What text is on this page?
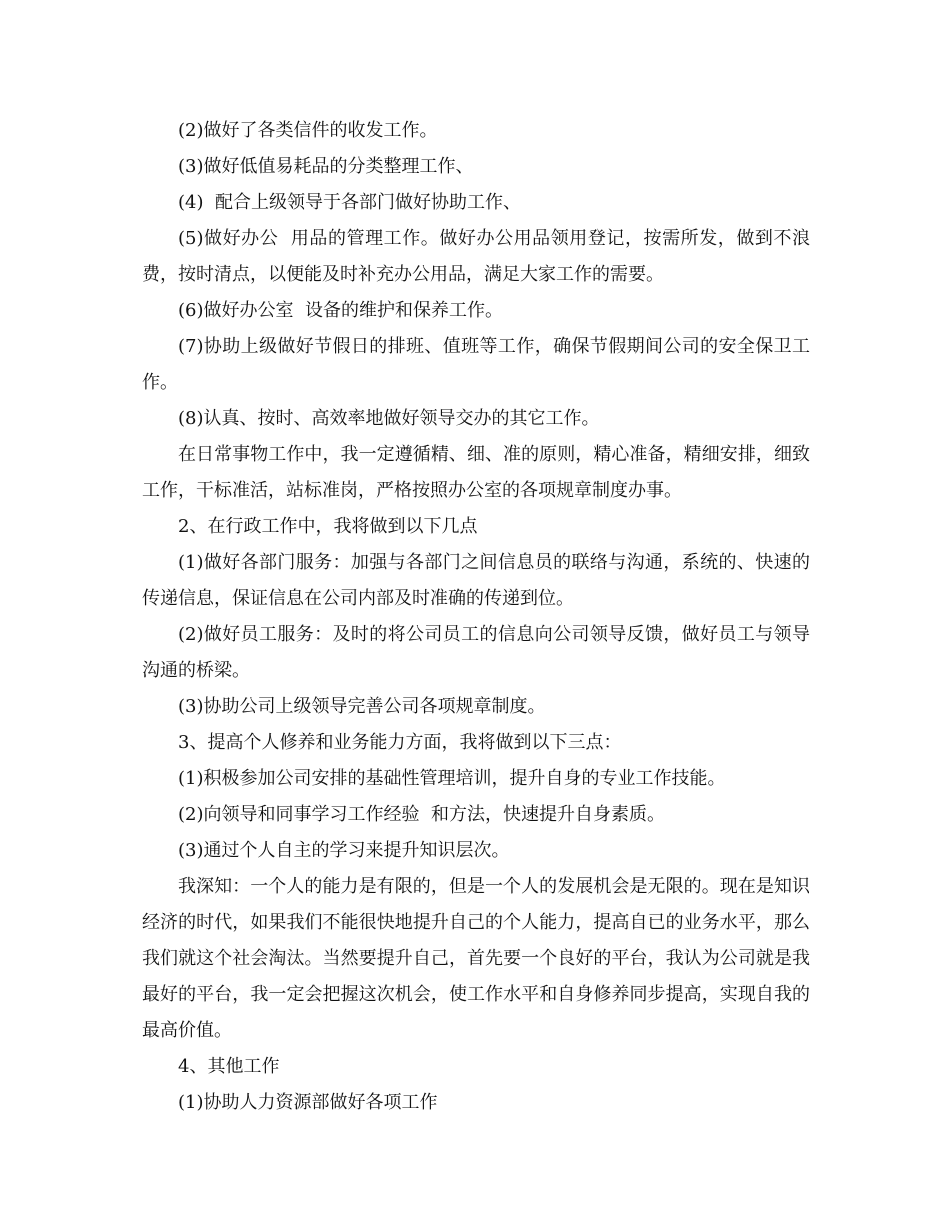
(2)做好了各类信件的收发工作。

(3)做好低值易耗品的分类整理工作、

(4)  配合上级领导于各部门做好协助工作、

(5)做好办公  用品的管理工作。做好办公用品领用登记，按需所发，做到不浪费，按时清点，以便能及时补充办公用品，满足大家工作的需要。

(6)做好办公室  设备的维护和保养工作。

(7)协助上级做好节假日的排班、值班等工作，确保节假期间公司的安全保卫工作。

(8)认真、按时、高效率地做好领导交办的其它工作。

在日常事物工作中，我一定遵循精、细、准的原则，精心准备，精细安排，细致工作，干标准活，站标准岗，严格按照办公室的各项规章制度办事。

2、在行政工作中，我将做到以下几点

(1)做好各部门服务：加强与各部门之间信息员的联络与沟通，系统的、快速的传递信息，保证信息在公司内部及时准确的传递到位。

(2)做好员工服务：及时的将公司员工的信息向公司领导反馈，做好员工与领导沟通的桥梁。

(3)协助公司上级领导完善公司各项规章制度。

3、提高个人修养和业务能力方面，我将做到以下三点：

(1)积极参加公司安排的基础性管理培训，提升自身的专业工作技能。

(2)向领导和同事学习工作经验  和方法，快速提升自身素质。

(3)通过个人自主的学习来提升知识层次。

我深知：一个人的能力是有限的，但是一个人的发展机会是无限的。现在是知识经济的时代，如果我们不能很快地提升自己的个人能力，提高自已的业务水平，那么我们就这个社会淘汰。当然要提升自己，首先要一个良好的平台，我认为公司就是我最好的平台，我一定会把握这次机会，使工作水平和自身修养同步提高，实现自我的最高价值。

4、其他工作

(1)协助人力资源部做好各项工作
